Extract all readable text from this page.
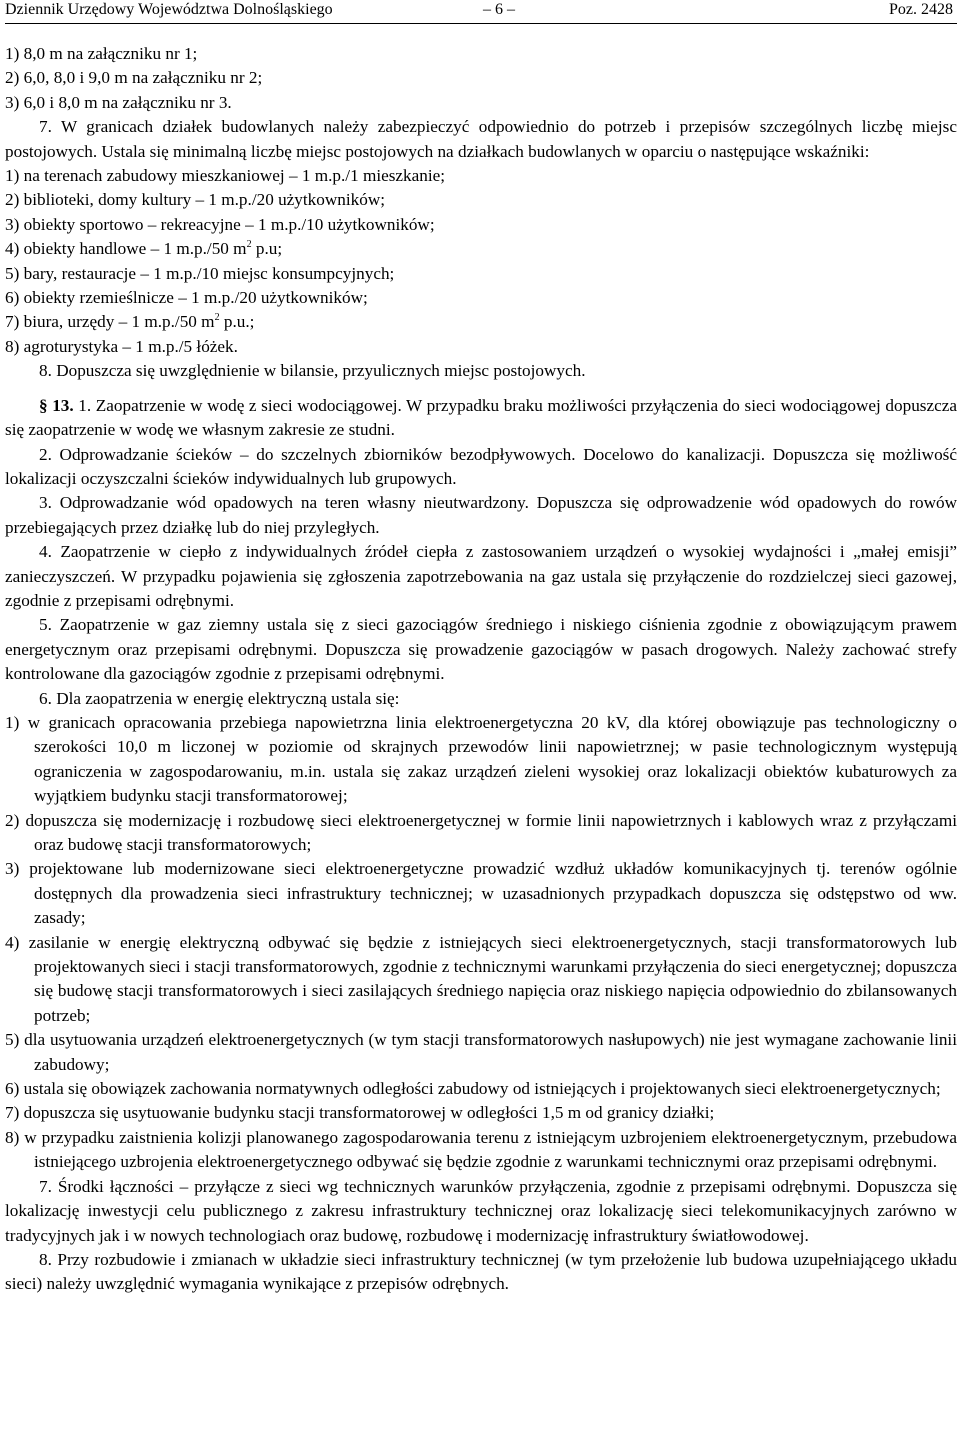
Dziennik Urzędowy Województwa Dolnośląskiego	– 6 –	Poz. 2428
1) 8,0 m na załączniku nr 1;
2) 6,0, 8,0 i 9,0 m na załączniku nr 2;
3) 6,0 i 8,0 m na załączniku nr 3.
7. W granicach działek budowlanych należy zabezpieczyć odpowiednio do potrzeb i przepisów szczególnych liczbę miejsc postojowych. Ustala się minimalną liczbę miejsc postojowych na działkach budowlanych w oparciu o następujące wskaźniki:
1) na terenach zabudowy mieszkaniowej – 1 m.p./1 mieszkanie;
2) biblioteki, domy kultury – 1 m.p./20 użytkowników;
3) obiekty sportowo – rekreacyjne – 1 m.p./10 użytkowników;
4) obiekty handlowe – 1 m.p./50 $m^2$ p.u;
5) bary, restauracje – 1 m.p./10 miejsc konsumpcyjnych;
6) obiekty rzemieślnicze – 1 m.p./20 użytkowników;
7) biura, urzędy – 1 m.p./50 $m^2$ p.u.;
8) agroturystyka – 1 m.p./5 łóżek.
8. Dopuszcza się uwzględnienie w bilansie, przyulicznych miejsc postojowych.
§ 13. 1. Zaopatrzenie w wodę z sieci wodociągowej. W przypadku braku możliwości przyłączenia do sieci wodociągowej dopuszcza się zaopatrzenie w wodę we własnym zakresie ze studni.
2. Odprowadzanie ścieków – do szczelnych zbiorników bezodpływowych. Docelowo do kanalizacji. Dopuszcza się możliwość lokalizacji oczyszczalni ścieków indywidualnych lub grupowych.
3. Odprowadzanie wód opadowych na teren własny nieutwardzony. Dopuszcza się odprowadzenie wód opadowych do rowów przebiegających przez działkę lub do niej przyległych.
4. Zaopatrzenie w ciepło z indywidualnych źródeł ciepła z zastosowaniem urządzeń o wysokiej wydajności i „małej emisji” zanieczyszczeń. W przypadku pojawienia się zgłoszenia zapotrzebowania na gaz ustala się przyłączenie do rozdzielczej sieci gazowej, zgodnie z przepisami odrębnymi.
5. Zaopatrzenie w gaz ziemny ustala się z sieci gazociągów średniego i niskiego ciśnienia zgodnie z obowiązującym prawem energetycznym oraz przepisami odrębnymi. Dopuszcza się prowadzenie gazociągów w pasach drogowych. Należy zachować strefy kontrolowane dla gazociągów zgodnie z przepisami odrębnymi.
6. Dla zaopatrzenia w energię elektryczną ustala się:
1) w granicach opracowania przebiega napowietrzna linia elektroenergetyczna 20 kV, dla której obowiązuje pas technologiczny o szerokości 10,0 m liczonej w poziomie od skrajnych przewodów linii napowietrznej; w pasie technologicznym występują ograniczenia w zagospodarowaniu, m.in. ustala się zakaz urządzeń zieleni wysokiej oraz lokalizacji obiektów kubaturowych za wyjątkiem budynku stacji transformatorowej;
2) dopuszcza się modernizację i rozbudowę sieci elektroenergetycznej w formie linii napowietrznych i kablowych wraz z przyłączami oraz budowę stacji transformatorowych;
3) projektowane lub modernizowane sieci elektroenergetyczne prowadzić wzdłuż układów komunikacyjnych tj. terenów ogólnie dostępnych dla prowadzenia sieci infrastruktury technicznej; w uzasadnionych przypadkach dopuszcza się odstępstwo od ww. zasady;
4) zasilanie w energię elektryczną odbywać się będzie z istniejących sieci elektroenergetycznych, stacji transformatorowych lub projektowanych sieci i stacji transformatorowych, zgodnie z technicznymi warunkami przyłączenia do sieci energetycznej; dopuszcza się budowę stacji transformatorowych i sieci zasilających średniego napięcia oraz niskiego napięcia odpowiednio do zbilansowanych potrzeb;
5) dla usytuowania urządzeń elektroenergetycznych (w tym stacji transformatorowych nasłupowych) nie jest wymagane zachowanie linii zabudowy;
6) ustala się obowiązek zachowania normatywnych odległości zabudowy od istniejących i projektowanych sieci elektroenergetycznych;
7) dopuszcza się usytuowanie budynku stacji transformatorowej w odległości 1,5 m od granicy działki;
8) w przypadku zaistnienia kolizji planowanego zagospodarowania terenu z istniejącym uzbrojeniem elektroenergetycznym, przebudowa istniejącego uzbrojenia elektroenergetycznego odbywać się będzie zgodnie z warunkami technicznymi oraz przepisami odrębnymi.
7. Środki łączności – przyłącze z sieci wg technicznych warunków przyłączenia, zgodnie z przepisami odrębnymi. Dopuszcza się lokalizację inwestycji celu publicznego z zakresu infrastruktury technicznej oraz lokalizację sieci telekomunikacyjnych zarówno w tradycyjnych jak i w nowych technologiach oraz budowę, rozbudowę i modernizację infrastruktury światłowodowej.
8. Przy rozbudowie i zmianach w układzie sieci infrastruktury technicznej (w tym przełożenie lub budowa uzupełniającego układu sieci) należy uwzględnić wymagania wynikające z przepisów odrębnych.
